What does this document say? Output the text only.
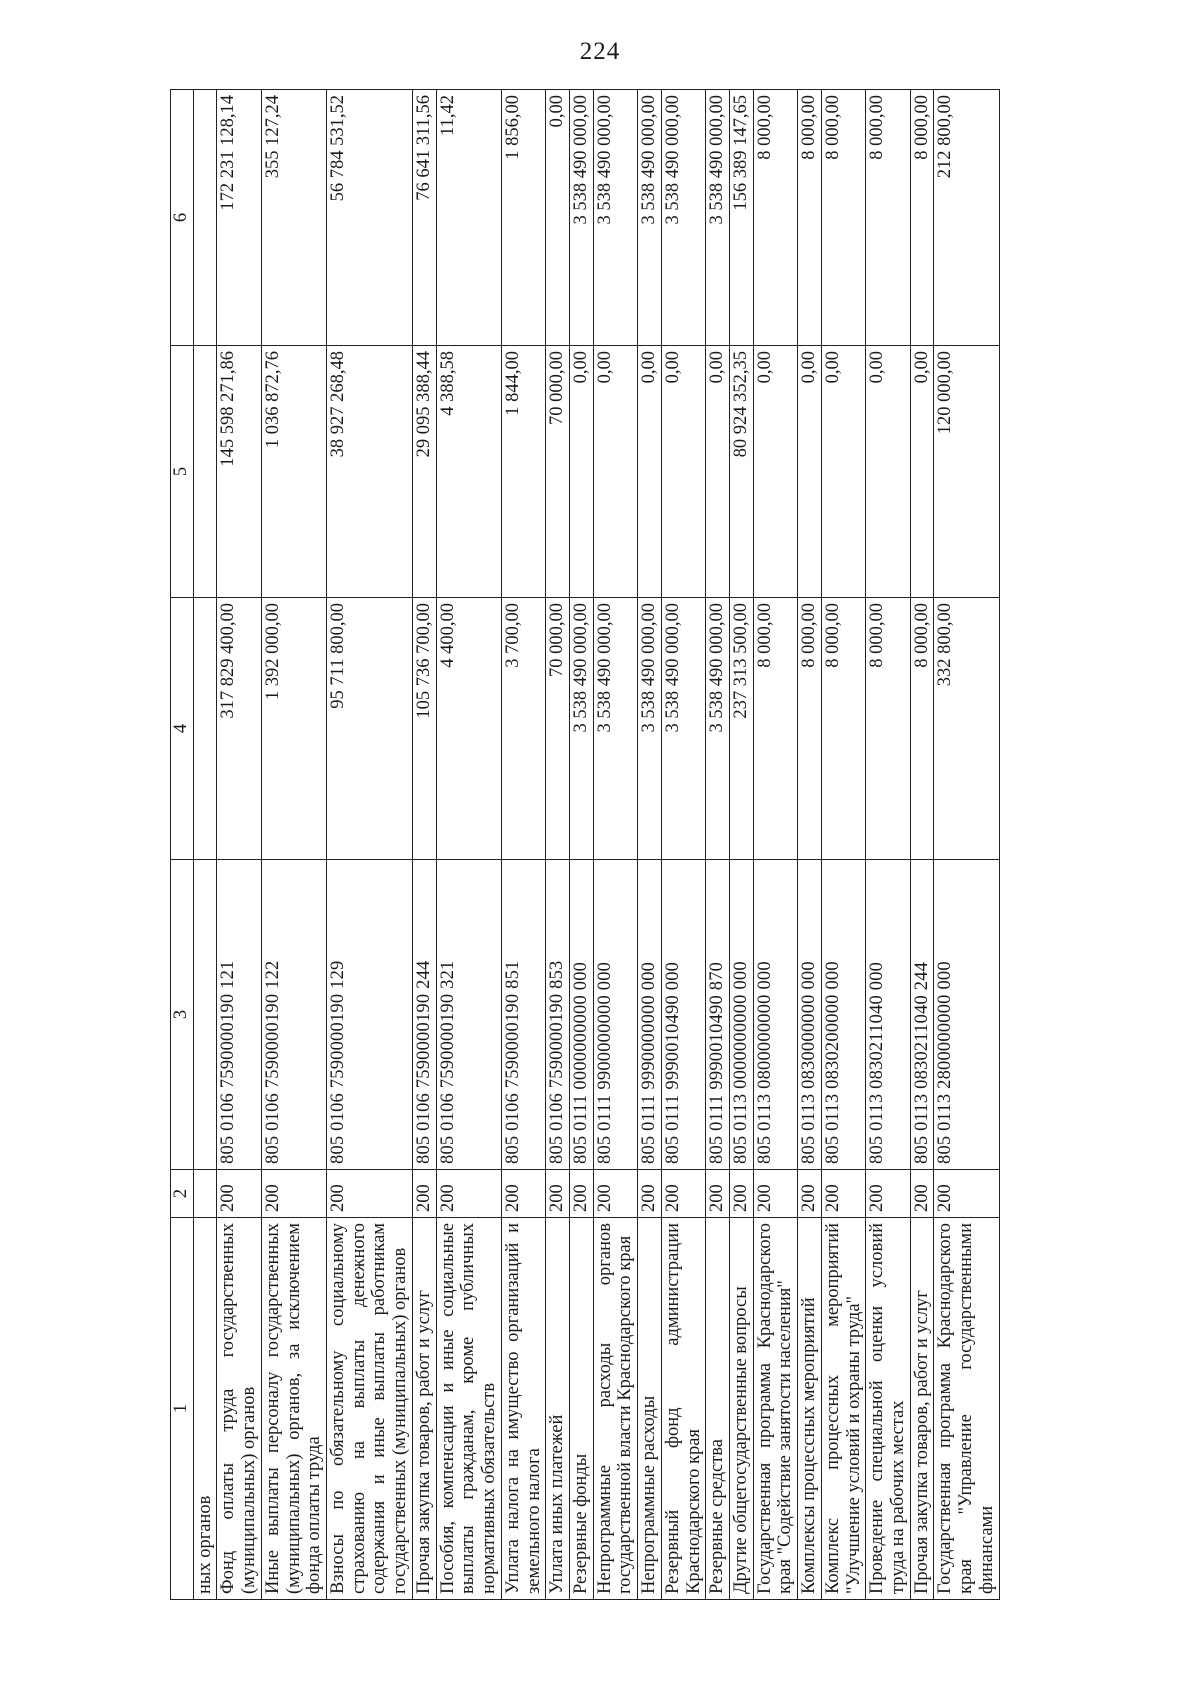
224
1	2	3	4	5	6
ных органов					
Фонд оплаты труда государственных (муниципальных) органов	200	805 0106 7590000190 121	317 829 400,00	145 598 271,86	172 231 128,14
Иные выплаты персоналу государственных (муниципальных) органов, за исключением фонда оплаты труда	200	805 0106 7590000190 122	1 392 000,00	1 036 872,76	355 127,24
Взносы по обязательному социальному страхованию на выплаты денежного содержания и иные выплаты работникам государственных (муниципальных) органов	200	805 0106 7590000190 129	95 711 800,00	38 927 268,48	56 784 531,52
Прочая закупка товаров, работ и услуг	200	805 0106 7590000190 244	105 736 700,00	29 095 388,44	76 641 311,56
Пособия, компенсации и иные социальные выплаты гражданам, кроме публичных нормативных обязательств	200	805 0106 7590000190 321	4 400,00	4 388,58	11,42
Уплата налога на имущество организаций и земельного налога	200	805 0106 7590000190 851	3 700,00	1 844,00	1 856,00
Уплата иных платежей	200	805 0106 7590000190 853	70 000,00	70 000,00	0,00
Резервные фонды	200	805 0111 0000000000 000	3 538 490 000,00	0,00	3 538 490 000,00
Непрограммные расходы органов государственной власти Краснодарского края	200	805 0111 9900000000 000	3 538 490 000,00	0,00	3 538 490 000,00
Непрограммные расходы	200	805 0111 9990000000 000	3 538 490 000,00	0,00	3 538 490 000,00
Резервный фонд администрации Краснодарского края	200	805 0111 9990010490 000	3 538 490 000,00	0,00	3 538 490 000,00
Резервные средства	200	805 0111 9990010490 870	3 538 490 000,00	0,00	3 538 490 000,00
Другие общегосударственные вопросы	200	805 0113 0000000000 000	237 313 500,00	80 924 352,35	156 389 147,65
Государственная программа Краснодарского края "Содействие занятости населения"	200	805 0113 0800000000 000	8 000,00	0,00	8 000,00
Комплексы процессных мероприятий	200	805 0113 0830000000 000	8 000,00	0,00	8 000,00
Комплекс процессных мероприятий "Улучшение условий и охраны труда"	200	805 0113 0830200000 000	8 000,00	0,00	8 000,00
Проведение специальной оценки условий труда на рабочих местах	200	805 0113 0830211040 000	8 000,00	0,00	8 000,00
Прочая закупка товаров, работ и услуг	200	805 0113 0830211040 244	8 000,00	0,00	8 000,00
Государственная программа Краснодарского края "Управление государственными финансами	200	805 0113 2800000000 000	332 800,00	120 000,00	212 800,00
